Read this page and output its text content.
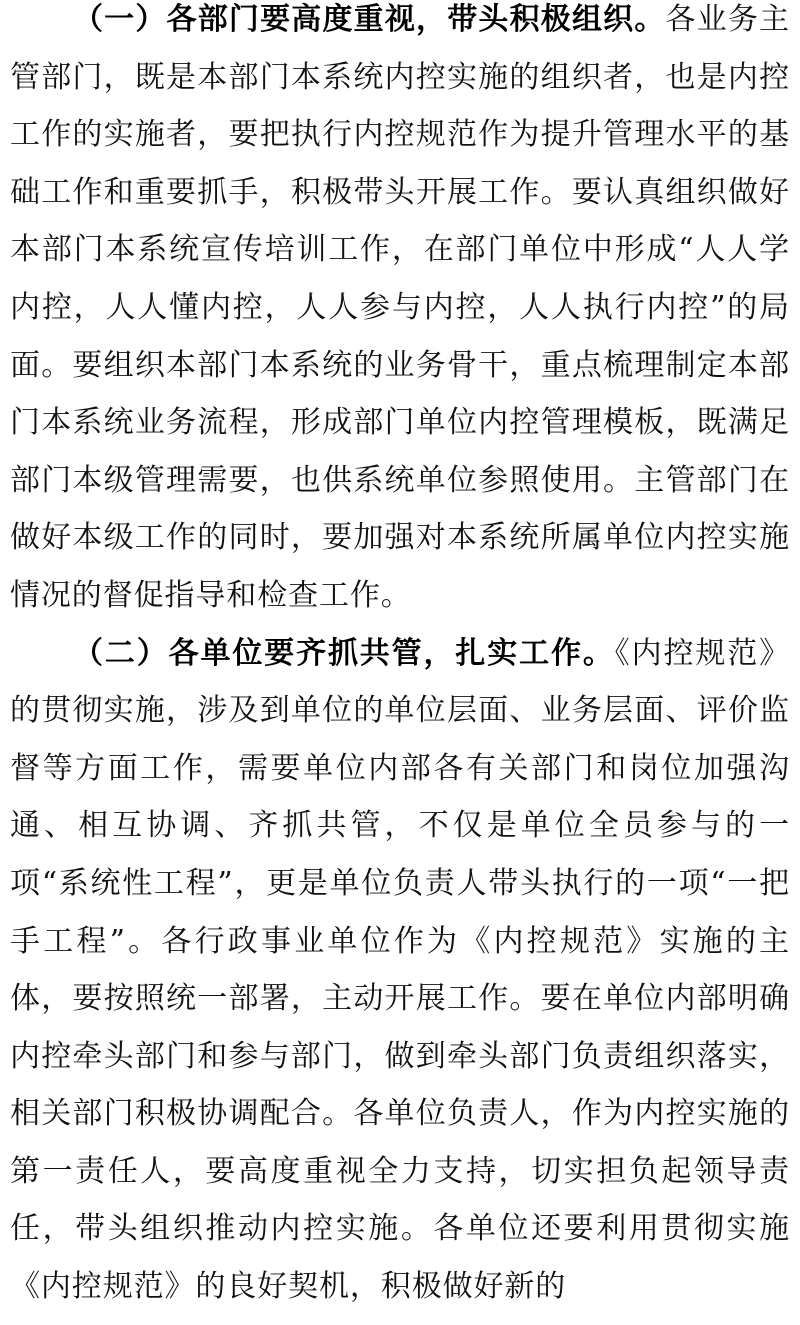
（一）各部门要高度重视，带头积极组织。各业务主管部门，既是本部门本系统内控实施的组织者，也是内控工作的实施者，要把执行内控规范作为提升管理水平的基础工作和重要抓手，积极带头开展工作。要认真组织做好本部门本系统宣传培训工作，在部门单位中形成“人人学内控，人人懂内控，人人参与内控，人人执行内控”的局面。要组织本部门本系统的业务骨干，重点梳理制定本部门本系统业务流程，形成部门单位内控管理模板，既满足部门本级管理需要，也供系统单位参照使用。主管部门在做好本级工作的同时，要加强对本系统所属单位内控实施情况的督促指导和检查工作。

（二）各单位要齐抓共管，扎实工作。《内控规范》的贯彻实施，涉及到单位的单位层面、业务层面、评价监督等方面工作，需要单位内部各有关部门和岗位加强沟通、相互协调、齐抓共管，不仅是单位全员参与的一项“系统性工程”，更是单位负责人带头执行的一项“一把手工程”。各行政事业单位作为《内控规范》实施的主体，要按照统一部署，主动开展工作。要在单位内部明确内控牵头部门和参与部门，做到牵头部门负责组织落实，相关部门积极协调配合。各单位负责人，作为内控实施的第一责任人，要高度重视全力支持，切实担负起领导责任，带头组织推动内控实施。各单位还要利用贯彻实施《内控规范》的良好契机，积极做好新的
